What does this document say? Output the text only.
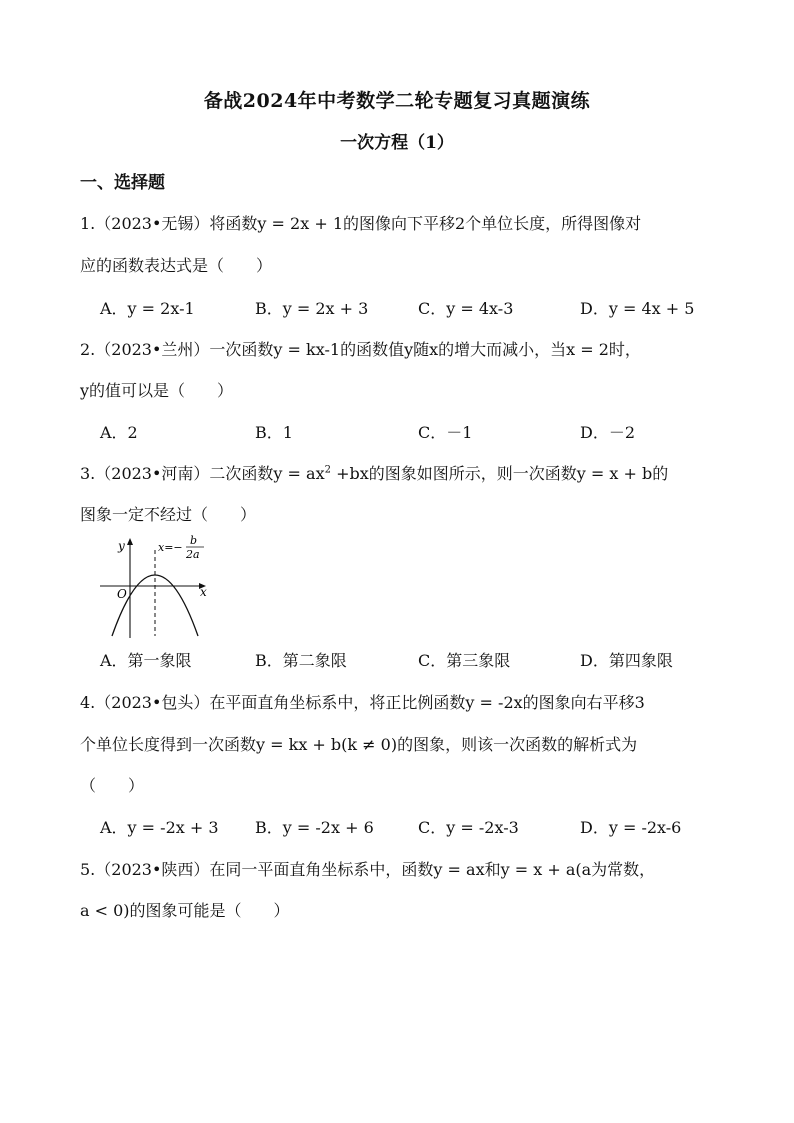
备战2024年中考数学二轮专题复习真题演练
一次方程（1）
一、选择题
1.（2023•无锡）将函数y = 2x + 1的图像向下平移2个单位长度，所得图像对
应的函数表达式是（　　）
A．y = 2x-1	B．y = 2x + 3	C．y = 4x-3	D．y = 4x + 5
2.（2023•兰州）一次函数y = kx-1的函数值y随x的增大而减小，当x = 2时，
y的值可以是（　　）
A．2	B．1	C．－1	D．－2
3.（2023•河南）二次函数$y = ax^2 +bx$的图象如图所示，则一次函数y = x + b的
图象一定不经过（　　）
y
x
O
x=−
b
2a
A．第一象限	B．第二象限	C．第三象限	D．第四象限
4.（2023•包头）在平面直角坐标系中，将正比例函数y = -2x的图象向右平移3
个单位长度得到一次函数y = kx + b(k ≠ 0)的图象，则该一次函数的解析式为
（　　）
A．y = -2x + 3 B．y = -2x + 6	C．y = -2x-3	D．y = -2x-6
5.（2023•陕西）在同一平面直角坐标系中，函数y = ax和y = x + a(a为常数，
a < 0)的图象可能是（　　）
